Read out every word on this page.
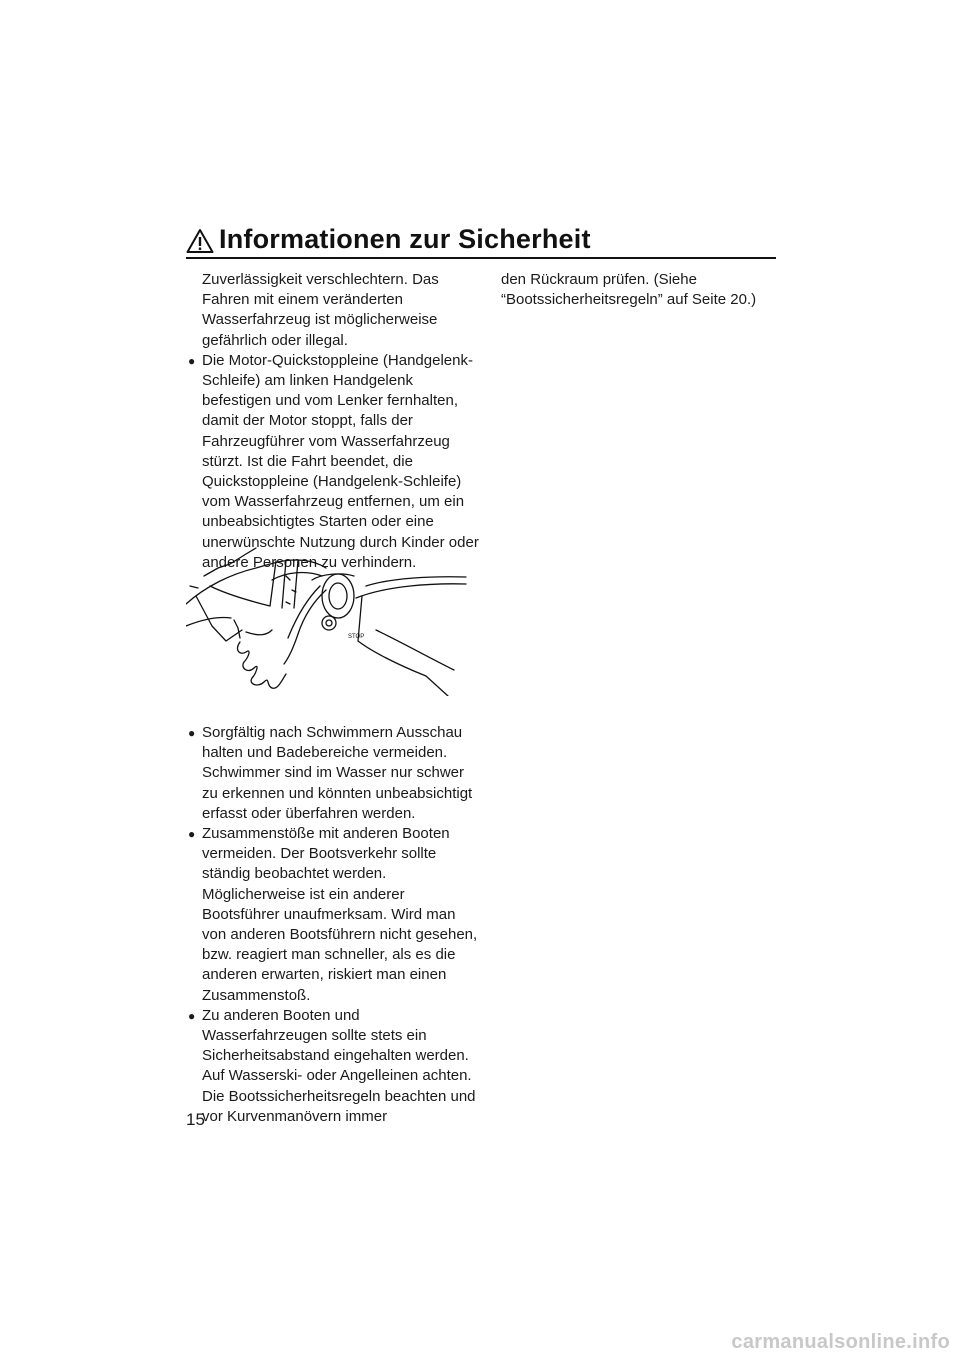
Informationen zur Sicherheit

Zuverlässigkeit verschlechtern. Das Fahren mit einem veränderten Wasserfahrzeug ist möglicherweise gefährlich oder illegal.

● Die Motor-Quickstoppleine (Handgelenk-Schleife) am linken Handgelenk befestigen und vom Lenker fernhalten, damit der Motor stoppt, falls der Fahrzeugführer vom Wasserfahrzeug stürzt. Ist die Fahrt beendet, die Quickstoppleine (Handgelenk-Schleife) vom Wasserfahrzeug entfernen, um ein unbeabsichtigtes Starten oder eine unerwünschte Nutzung durch Kinder oder andere Personen zu verhindern.
STOP
● Sorgfältig nach Schwimmern Ausschau halten und Badebereiche vermeiden. Schwimmer sind im Wasser nur schwer zu erkennen und könnten unbeabsichtigt erfasst oder überfahren werden.
● Zusammenstöße mit anderen Booten vermeiden. Der Bootsverkehr sollte ständig beobachtet werden. Möglicherweise ist ein anderer Bootsführer unaufmerksam. Wird man von anderen Bootsführern nicht gesehen, bzw. reagiert man schneller, als es die anderen erwarten, riskiert man einen Zusammenstoß.
● Zu anderen Booten und Wasserfahrzeugen sollte stets ein Sicherheitsabstand eingehalten werden. Auf Wasserski- oder Angelleinen achten. Die Bootssicherheitsregeln beachten und vor Kurvenmanövern immer

den Rückraum prüfen. (Siehe “Bootssicherheitsregeln” auf Seite 20.)

15
carmanualsonline.info
